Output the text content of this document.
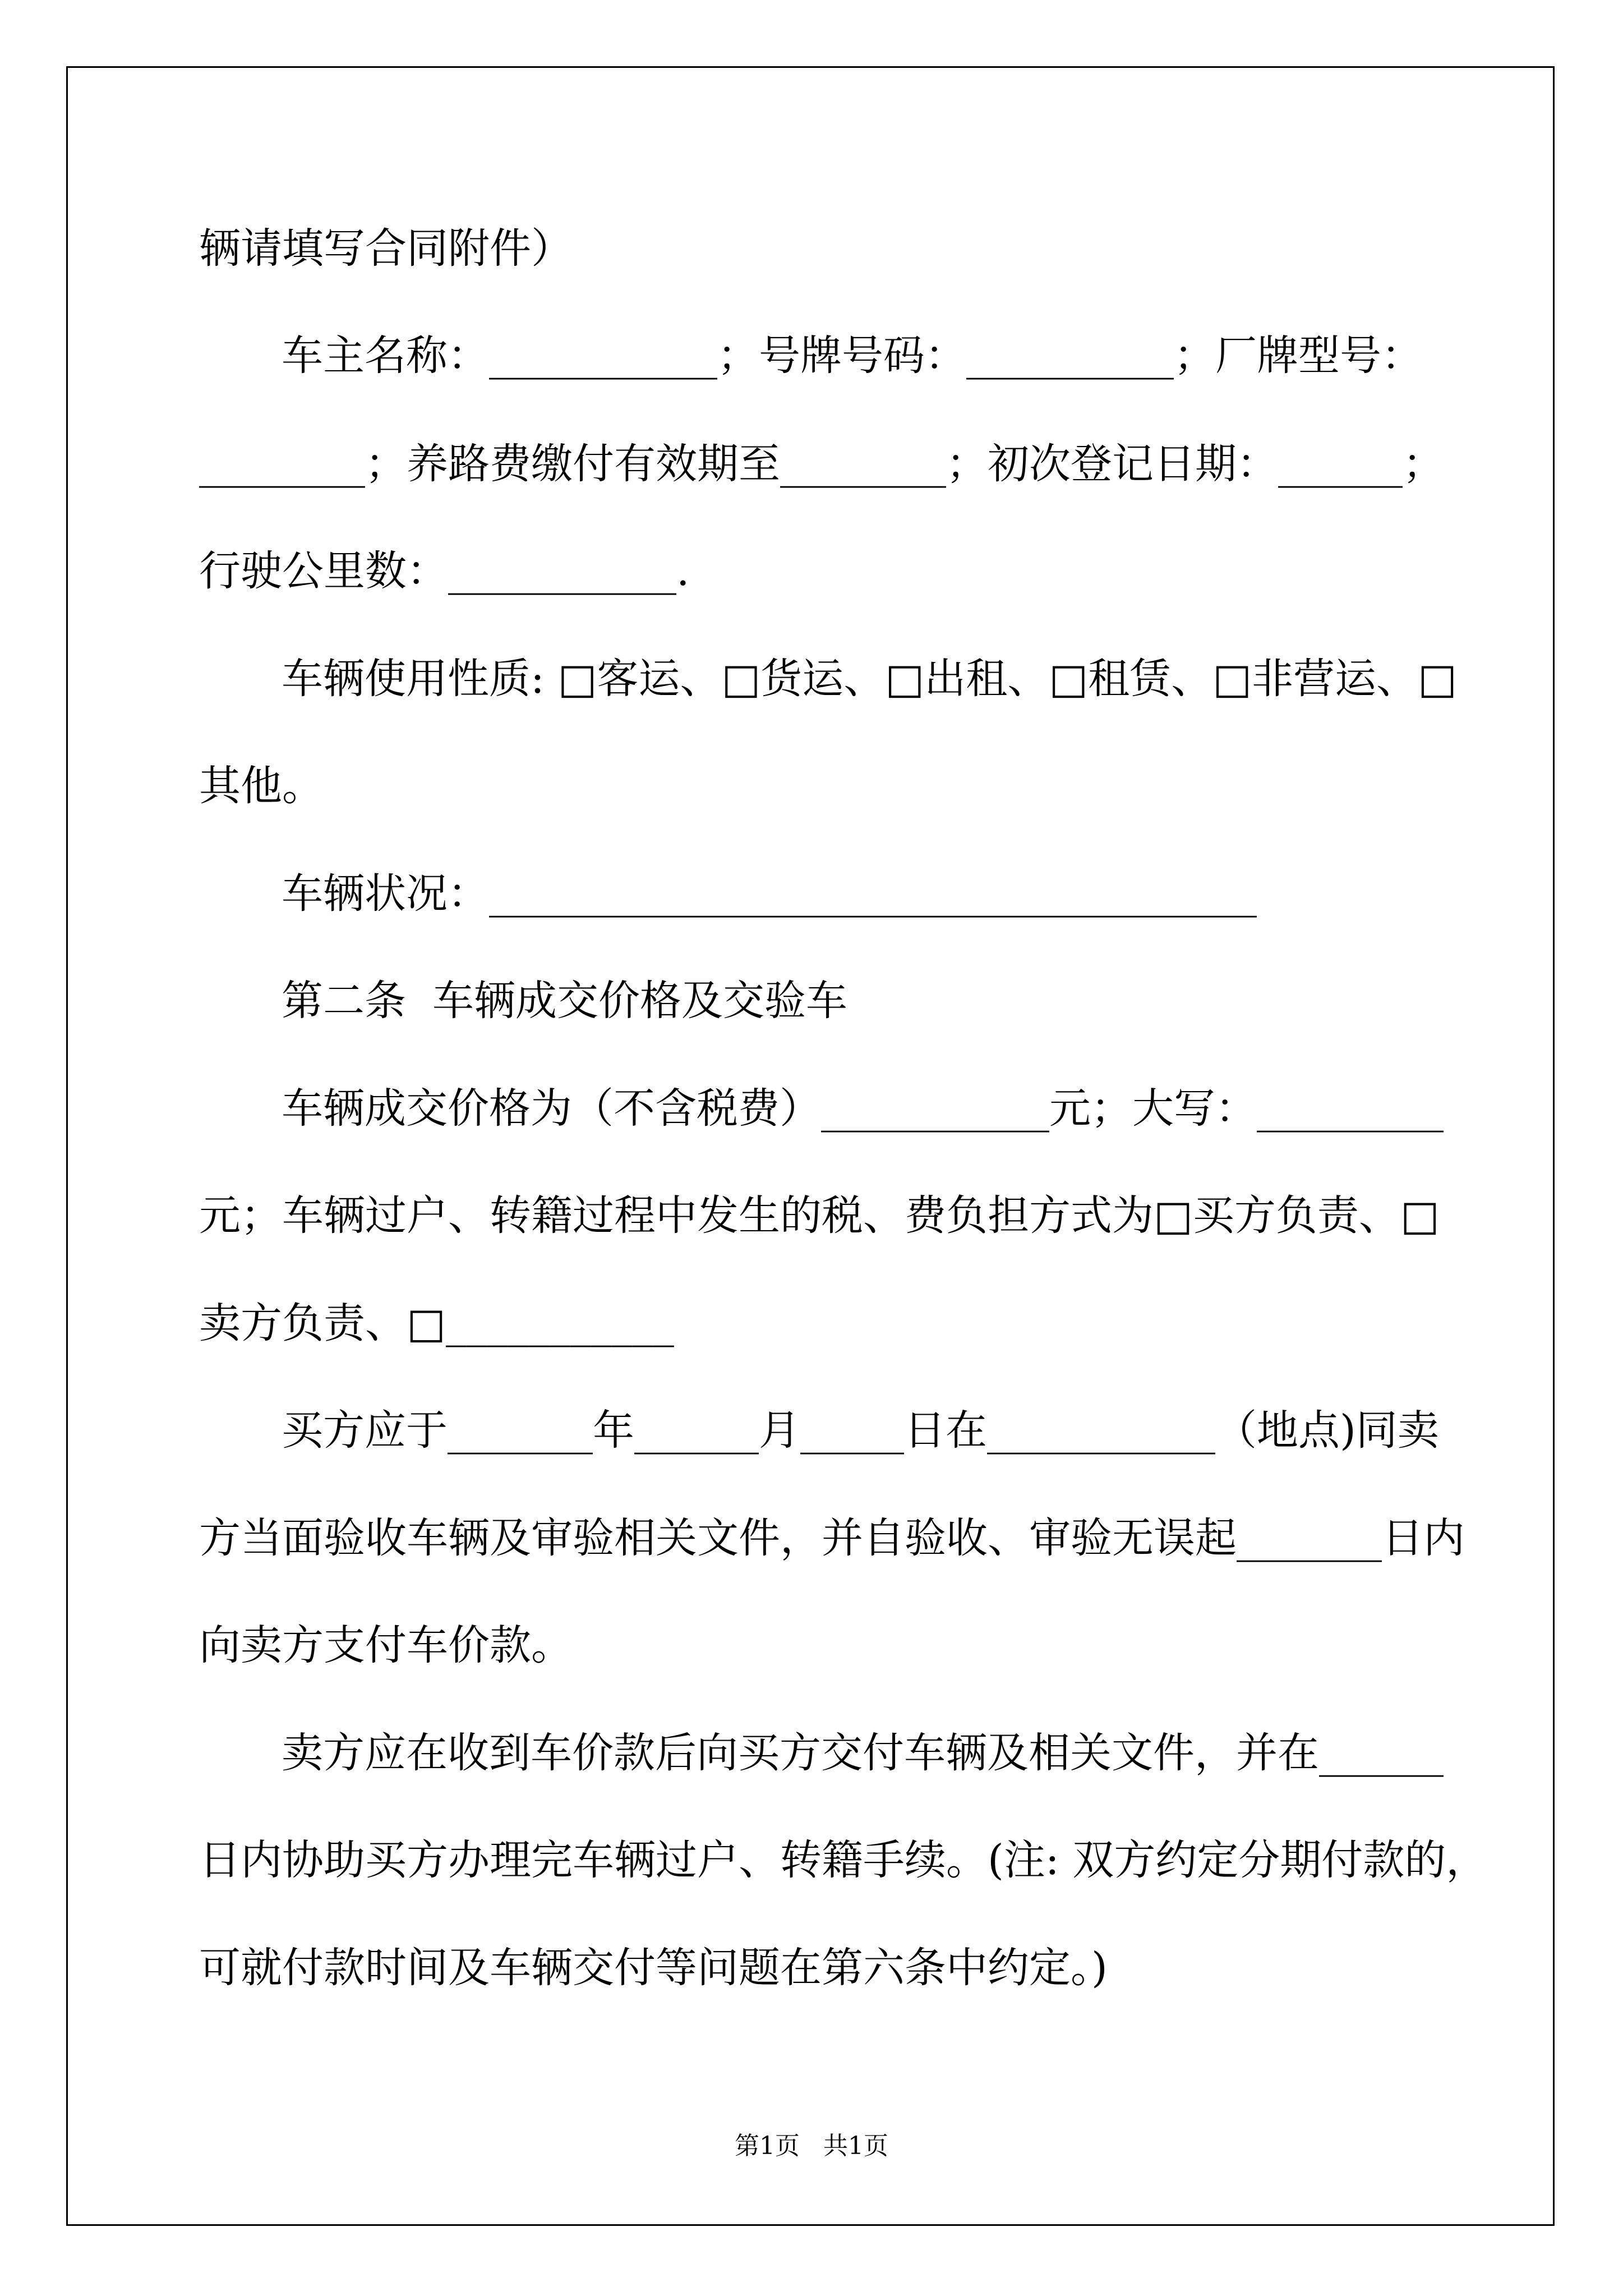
辆请填写合同附件）

车主名称：___________；号牌号码：__________；厂牌型号：

________；养路费缴付有效期至________；初次登记日期：______；

行驶公里数：___________.

车辆使用性质: □客运、□货运、□出租、□租赁、□非营运、□

其他。

车辆状况：_____________________________________

第二条  车辆成交价格及交验车

车辆成交价格为（不含税费）___________元；大写：_________

元；车辆过户、转籍过程中发生的税、费负担方式为□买方负责、□

卖方负责、□___________

买方应于_______年______月_____日在___________（地点)同卖

方当面验收车辆及审验相关文件，并自验收、审验无误起_______日内

向卖方支付车价款。

卖方应在收到车价款后向买方交付车辆及相关文件，并在______

日内协助买方办理完车辆过户、转籍手续。(注: 双方约定分期付款的，

可就付款时间及车辆交付等问题在第六条中约定。)

第1页   共1页
